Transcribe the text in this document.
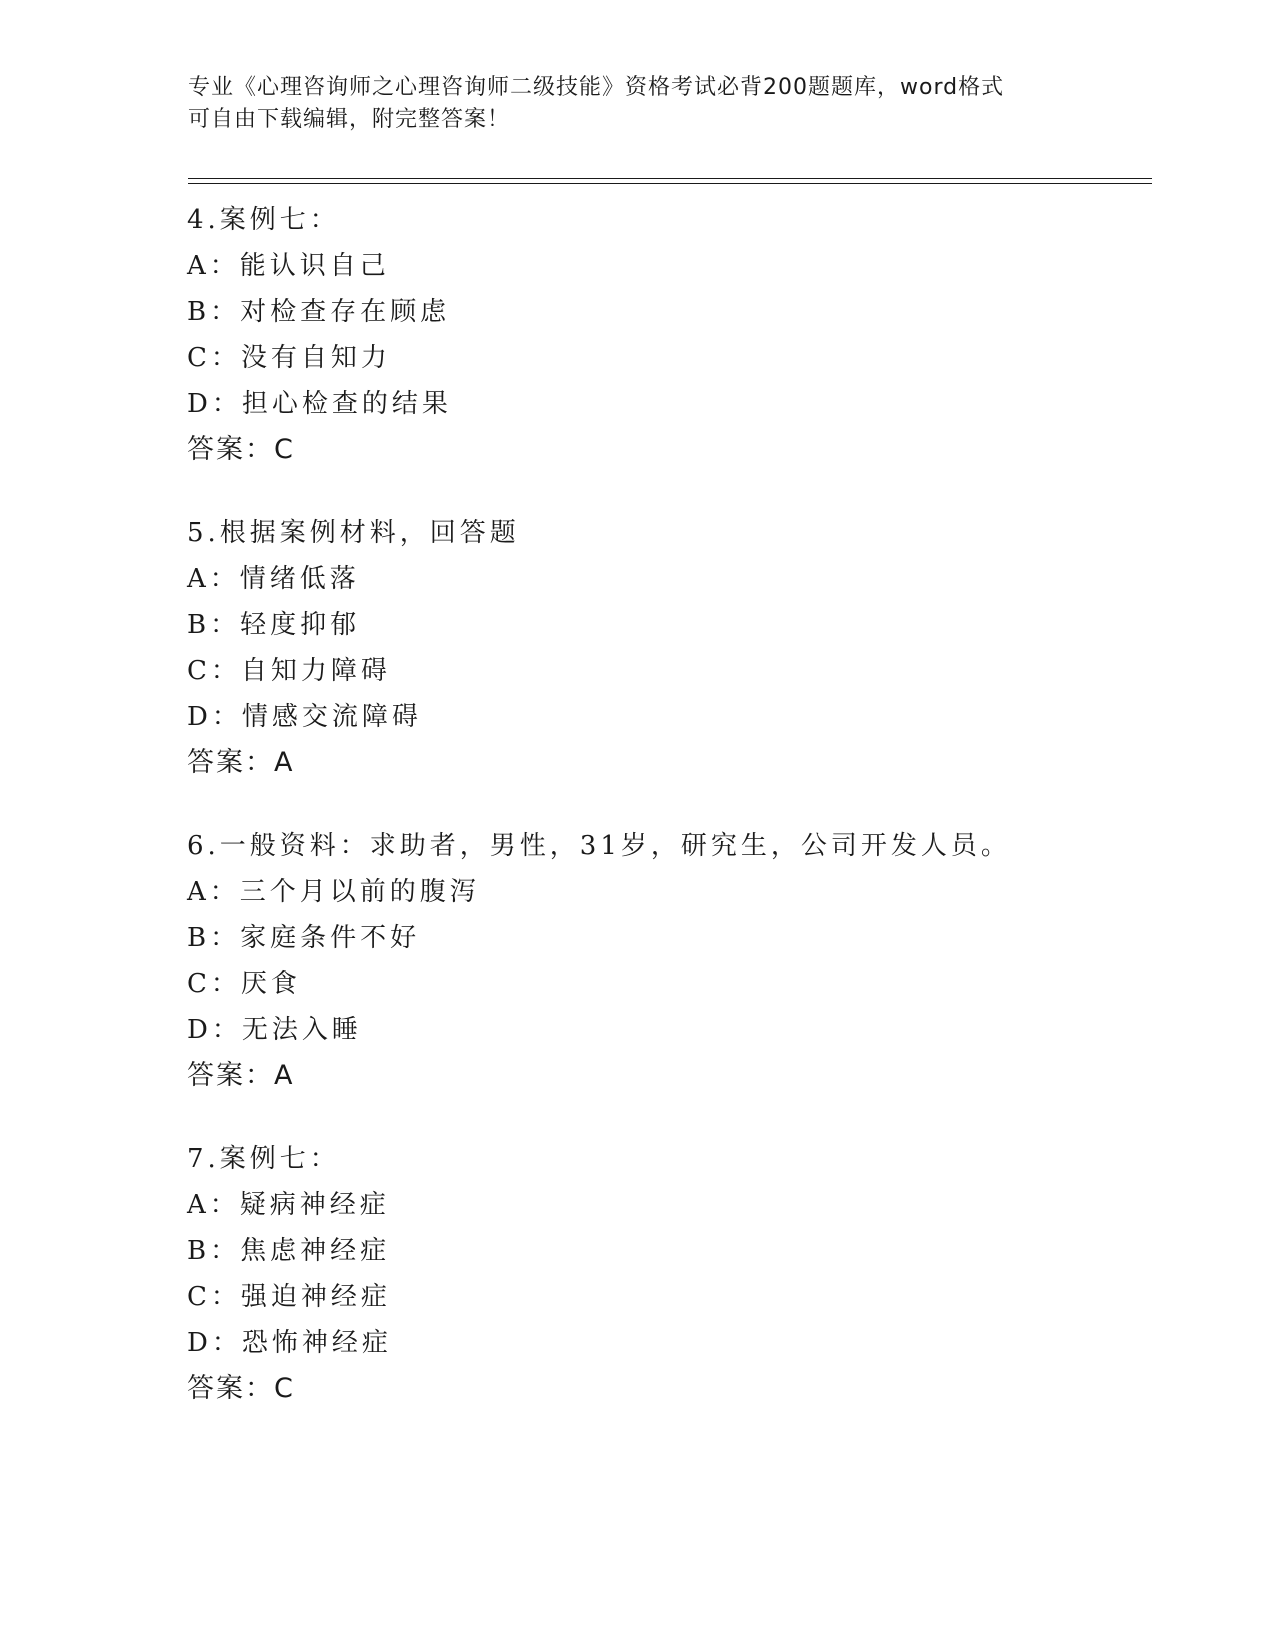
专业《心理咨询师之心理咨询师二级技能》资格考试必背200题题库，word格式

可自由下载编辑，附完整答案！

4.案例七：
A：能认识自己
B：对检查存在顾虑
C：没有自知力
D：担心检查的结果
答案：C
5.根据案例材料，回答题
A：情绪低落
B：轻度抑郁
C：自知力障碍
D：情感交流障碍
答案：A
6.一般资料：求助者，男性，31岁，研究生，公司开发人员。
A：三个月以前的腹泻
B：家庭条件不好
C：厌食
D：无法入睡
答案：A
7.案例七：
A：疑病神经症
B：焦虑神经症
C：强迫神经症
D：恐怖神经症
答案：C
